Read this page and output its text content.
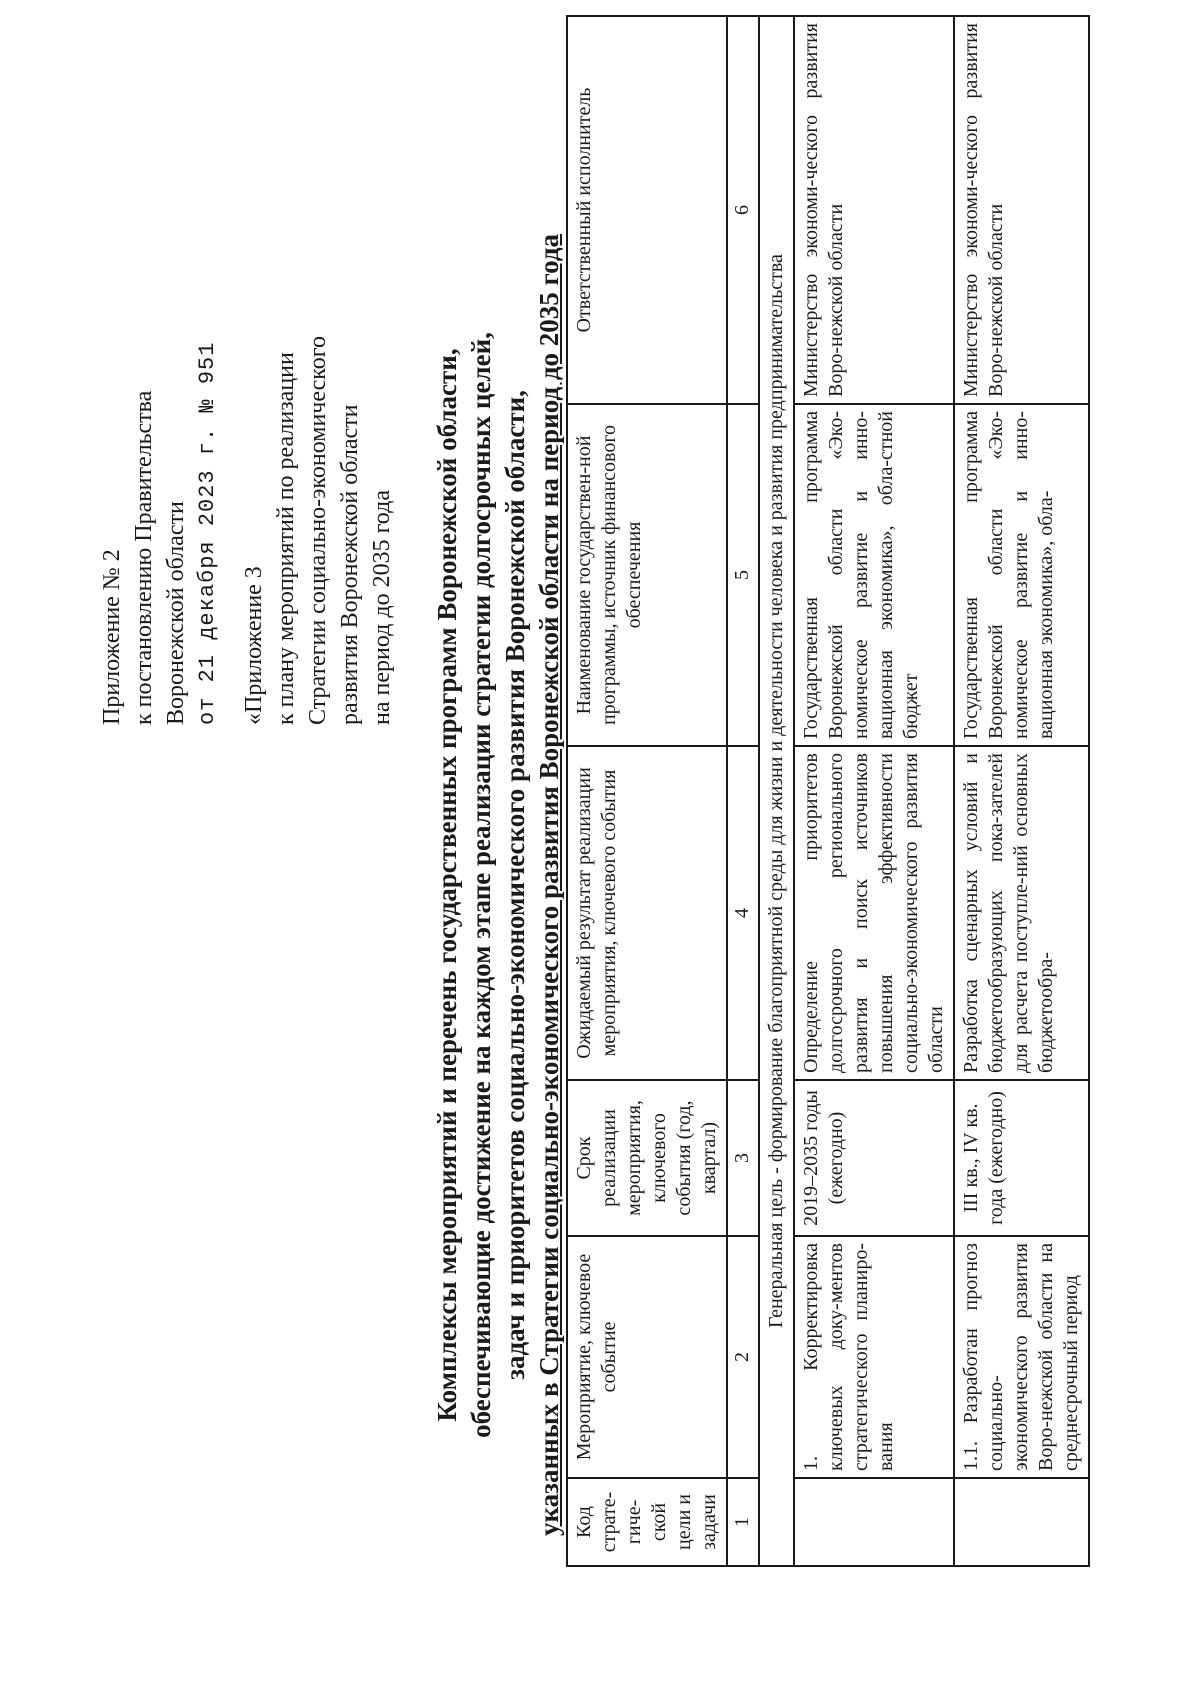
Приложение № 2 к постановлению Правительства Воронежской области от 21 декабря 2023 г. № 951 «Приложение 3 к плану мероприятий по реализации Стратегии социально-экономического развития Воронежской области на период до 2035 года Комплексы мероприятий и перечень государственных программ Воронежской области, обеспечивающие достижение на каждом этапе реализации стратегии долгосрочных целей, задач и приоритетов социально-экономического развития Воронежской области, указанных в Стратегии социально-экономического развития Воронежской области на период до 2035 года Код страте-гиче-ской цели и задачи	Мероприятие, ключевое событие	Срок реализации мероприятия, ключевого события (год, квартал)	Ожидаемый результат реализации мероприятия, ключевого события	Наименование государствен-ной программы, источник финансового обеспечения	Ответственный исполнитель
1	2	3	4	5	6
Генеральная цель - формирование благоприятной среды для жизни и деятельности человека и развития предпринимательства					
	1. Корректировка ключевых доку-ментов стратегического планиро-вания	2019–2035 годы (ежегодно)	Определение приоритетов долгосрочного регионального развития и поиск источников повышения эффективности социально-экономического развития области	Государственная программа Воронежской области «Эко-номическое развитие и инно-вационная экономика», обла-стной бюджет	Министерство экономи-ческого развития Воро-нежской области
	1.1. Разработан прогноз социально-экономического развития Воро-нежской области на среднесрочный период	III кв., IV кв. года (ежегодно)	Разработка сценарных условий и бюджетообразующих пока-зателей для расчета поступле-ний основных бюджетообра-	Государственная программа Воронежской области «Эко-номическое развитие и инно-вационная экономика», обла-	Министерство экономи-ческого развития Воро-нежской области
